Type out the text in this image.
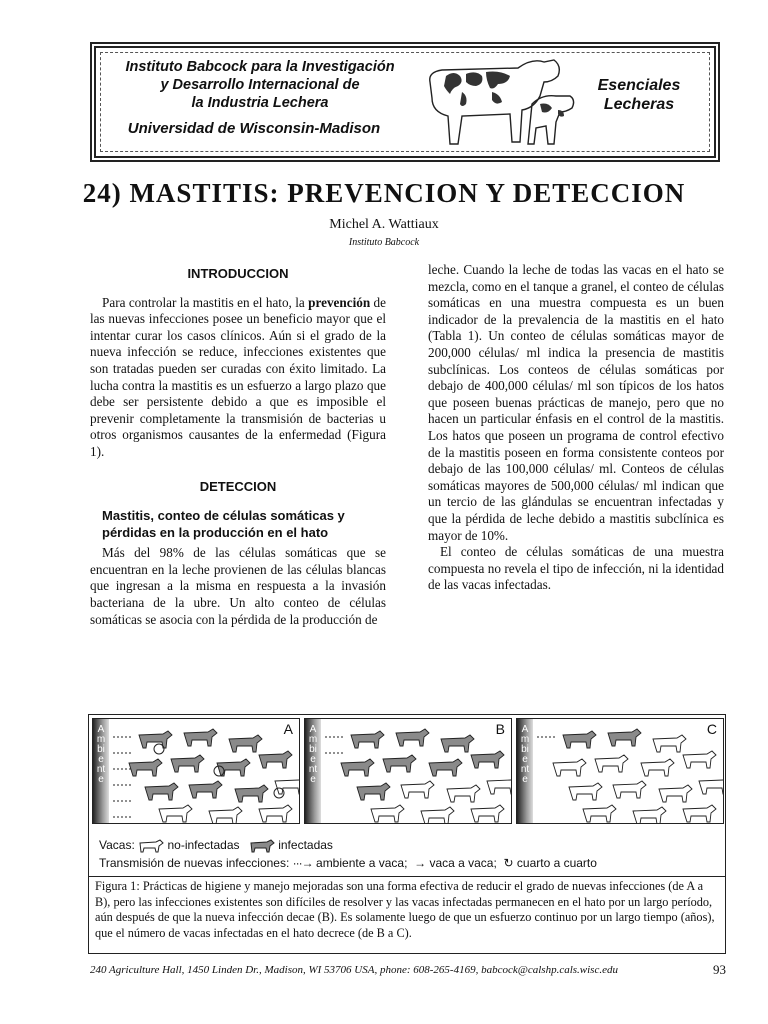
Instituto Babcock para la Investigación
y Desarrollo Internacional de
la Industria Lechera
Universidad de Wisconsin-Madison
Esenciales
Lecheras
24) MASTITIS: PREVENCION Y DETECCION
Michel A. Wattiaux
Instituto Babcock
INTRODUCCION

Para controlar la mastitis en el hato, la prevención de las nuevas infecciones posee un beneficio mayor que el intentar curar los casos clínicos. Aún si el grado de la nueva infección se reduce, infecciones existentes que son tratadas pueden ser curadas con éxito limitado. La lucha contra la mastitis es un esfuerzo a largo plazo que debe ser persistente debido a que es imposible el prevenir completamente la transmisión de bacterias u otros organismos causantes de la enfermedad (Figura 1).

DETECCION
Mastitis, conteo de células somáticas y pérdidas en la producción en el hato

Más del 98% de las células somáticas que se encuentran en la leche provienen de las células blancas que ingresan a la misma en respuesta a la invasión bacteriana de la ubre. Un alto conteo de células somáticas se asocia con la pérdida de la producción de

leche. Cuando la leche de todas las vacas en el hato se mezcla, como en el tanque a granel, el conteo de células somáticas en una muestra compuesta es un buen indicador de la prevalencia de la mastitis en el hato (Tabla 1). Un conteo de células somáticas mayor de 200,000 células/ ml indica la presencia de mastitis subclínicas. Los conteos de células somáticas por debajo de 400,000 células/ ml son típicos de los hatos que poseen buenas prácticas de manejo, pero que no hacen un particular énfasis en el control de la mastitis. Los hatos que poseen un programa de control efectivo de la mastitis poseen en forma consistente conteos por debajo de las 100,000 células/ ml. Conteos de células somáticas mayores de 500,000 células/ ml indican que un tercio de las glándulas se encuentran infectadas y que la pérdida de leche debido a mastitis subclínica es mayor de 10%.

El conteo de células somáticas de una muestra compuesta no revela el tipo de infección, ni la identidad de las vacas infectadas.

Ambiente
A Ambiente
B Ambiente
C
Vacas:	no-infectadas	infectadas
Transmisión de nuevas infecciones: ···→ ambiente a vaca;  → vaca a vaca;  ↻ cuarto a cuarto
Figura 1: Prácticas de higiene y manejo mejoradas son una forma efectiva de reducir el grado de nuevas infecciones (de A a B), pero las infecciones existentes son difíciles de resolver y las vacas infectadas permanecen en el hato por un largo período, aún después de que la nueva infección decae (B). Es solamente luego de que un esfuerzo continuo por un largo tiempo (años), que el número de vacas infectadas en el hato decrece (de B a C).
240 Agriculture Hall, 1450 Linden Dr., Madison, WI 53706 USA, phone: 608-265-4169, babcock@calshp.cals.wisc.edu	93
